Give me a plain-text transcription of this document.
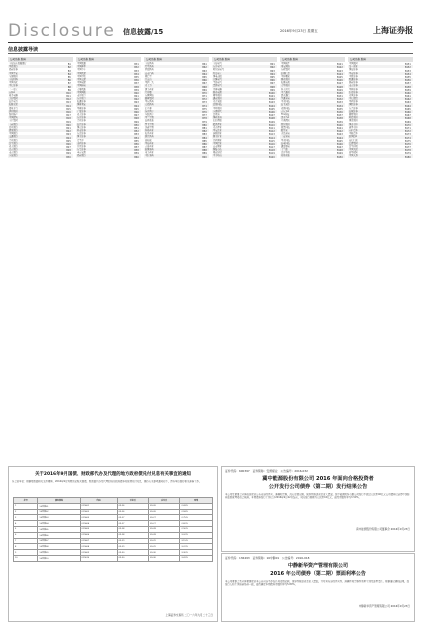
Disclosure 信息披露/15	2016年9月23日 星期五	上海证券报
信息披露导读
公司名称 版码
上海浦东发展银行	B1
华夏银行	B2
招商证券	B3
中国平安	B4
宝钢股份	B5
上海机场	B6
中国石化	B7
中信证券	B8
三一重工	B9
万科A	B10
格力电器	B11
美的集团	B12
长江电力	B13
海螺水泥	B14
贵州茅台	B15
伊利股份	B16
保利地产	B17
中国建筑	B18
上汽集团	B19
工商银行	B20
农业银行	B21
建设银行	B22
中国银行	B23
交通银行	B24
兴业银行	B25
民生银行	B26
光大银行	B27
北京银行	B28
南京银行	B29
宁波银行	B30
公司名称 版码
中国联通	B31
中国神华	B32
中国中车	B33
中国铁建	B34
中国中铁	B35
中国交建	B36
中国电建	B37
中国核电	B38
大秦铁路	B39
中国国航	B40
南方航空	B41
东方航空	B42
海通证券	B43
国泰君安	B44
华泰证券	B45
广发证券	B46
光大证券	B47
东方证券	B48
兴业证券	B49
长江证券	B50
国元证券	B51
西南证券	B52
东北证券	B53
国金证券	B54
太平洋	B55
山西证券	B56
方正证券	B57
东吴证券	B58
申万宏源	B59
招商银行	B60
公司名称 版码
上海医药	B61
复星医药	B62
恒瑞医药	B63
云南白药	B64
同仁堂	B65
白云山	B66
华润三九	B67
天士力	B68
康美药业	B69
片仔癀	B70
东阿阿胶	B71
丽珠集团	B72
华东医药	B73
人福医药	B74
信立泰	B75
乐普医疗	B76
鱼跃医疗	B77
华兰生物	B78
长春高新	B79
智飞生物	B80
沃森生物	B81
科伦药业	B82
海正药业	B83
浙江医药	B84
新和成	B85
华海药业	B86
京新药业	B87
仙琚制药	B88
莱美药业	B89
千红制药	B90
公司名称 版码
上海电气	B91
东方电气	B92
哈尔滨电气	B93
特变电工	B94
国电南瑞	B95
许继电气	B96
平高电气	B97
思源电气	B98
正泰电器	B99
阳光电源	B100
隆基股份	B101
通威股份	B102
天合光能	B103
晶澳科技	B104
中环股份	B105
宁德时代	B106
比亚迪	B107
国轩高科	B108
亿纬锂能	B109
赣锋锂业	B110
天齐锂业	B111
华友钴业	B112
洛阳钼业	B113
紫金矿业	B114
江西铜业	B115
中国铝业	B116
云南铜业	B117
铜陵有色	B118
驰宏锌锗	B119
中金岭南	B120
公司名称 版码
中国软件	B121
用友网络	B122
东软集团	B123
浪潮信息	B124
中科曙光	B125
紫光股份	B126
海康威视	B127
大华股份	B128
科大讯飞	B129
中兴通讯	B130
烽火通信	B131
亨通光电	B132
中天科技	B133
长飞光纤	B134
光迅科技	B135
京东方A	B136
TCL科技	B137
深天马A	B138
立讯精密	B139
歌尔股份	B140
蓝思科技	B141
欧菲光	B142
水晶光电	B143
三安光电	B144
华天科技	B145
长电科技	B146
通富微电	B147
士兰微	B148
北方华创	B149
兆易创新	B150
公司名称 版码
中国银河	B151
第一创业	B152
国海证券	B153
华安证券	B154
中原证券	B155
财通证券	B156
浙商证券	B157
南京证券	B158
华林证券	B159
红塔证券	B160
天风证券	B161
中信建投	B162
华西证券	B163
国联证券	B164
东兴证券	B165
长城证券	B166
湘财股份	B167
哈投股份	B168
锦龙股份	B169
国盛金控	B170
越秀金控	B171
五矿资本	B172
中航资本	B173
陕国投A	B174
安信信托	B175
爱建集团	B176
民生控股	B177
中国太保	B178
新华保险	B179
中国人寿	B180
关于2016年9月国债、财政部代办及代理的地方政府债兑付兑息有关事宜的通知
各会员单位：根据财政部相关文件精神，2016年9月到期的记账式国债、财政部代办及代理的地方政府债券将按期兑付兑息，现将有关事项通知如下，请各单位做好相关准备工作。
序号	债券简称	代码	付息日	兑付日	利率
1	16国债01	019601	09-26	09-26	2.43%
2	16国债02	019602	09-26	09-26	2.58%
3	16国债03	019603	09-27	09-27	2.75%
4	16国债04	019604	09-27	09-27	2.82%
5	16国债05	019605	09-28	09-28	2.90%
6	16国债06	019606	09-28	09-28	3.02%
7	16国债07	019607	09-29	09-29	3.15%
8	16国债08	019608	09-29	09-29	3.22%
9	16国债09	019609	09-30	09-30	3.30%
10	16国债10	019610	09-30	09-30	3.41%
上海证券交易所 二〇一六年九月二十三日
证券代码：600397　证券简称：安源煤业　公告编号：2016-032
冀中能源股份有限公司 2016 年面向合格投资者
公开发行公司债券（第二期）发行结果公告
本公司及董事会全体成员保证公告内容的真实、准确和完整，没有虚假记载、误导性陈述或者重大遗漏。冀中能源股份有限公司发行不超过人民币40亿元公司债券已获得中国证券监督管理委员会核准。本期债券发行工作已于2016年9月22日结束，实际发行规模为人民币10亿元，最终票面利率为3.50%。
冀中能源股份有限公司董事会 2016年9月23日
证券代码：136493　证券简称：16中静01　公告编号：2016-018
中静新华资产管理有限公司
2016 年公司债券（第二期）票面利率公告
本公司董事会及全体董事保证本公告内容不存在任何虚假记载、误导性陈述或者重大遗漏，并对其内容的真实性、准确性和完整性承担个别及连带责任。根据簿记建档结果，经发行人和主承销商协商一致，最终确定本期债券票面利率为5.80%。
中静新华资产管理有限公司 2016年9月23日
